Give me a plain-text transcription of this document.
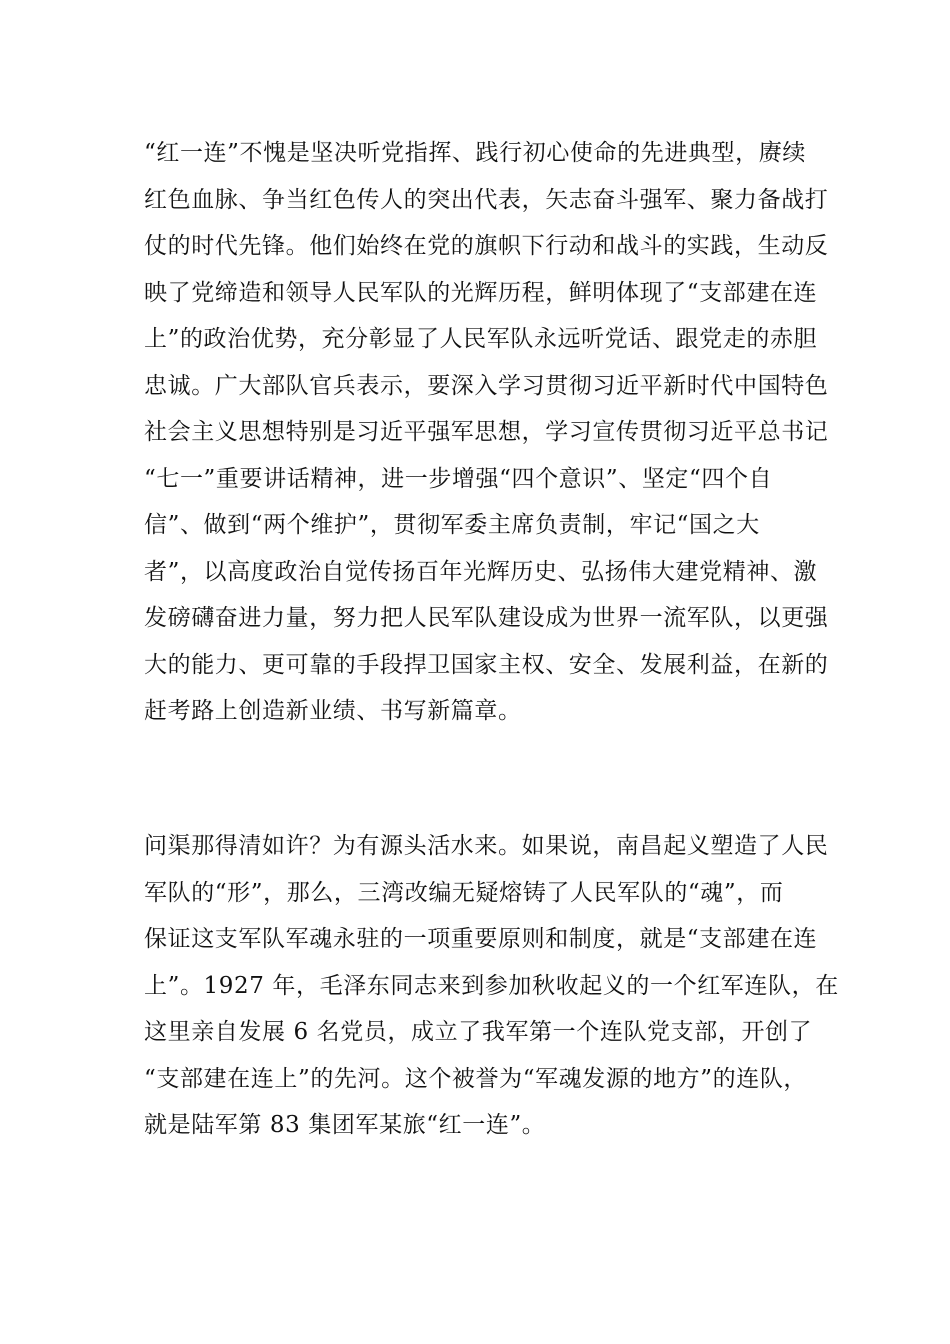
“红一连”不愧是坚决听党指挥、践行初心使命的先进典型，赓续
红色血脉、争当红色传人的突出代表，矢志奋斗强军、聚力备战打
仗的时代先锋。他们始终在党的旗帜下行动和战斗的实践，生动反
映了党缔造和领导人民军队的光辉历程，鲜明体现了“支部建在连
上”的政治优势，充分彰显了人民军队永远听党话、跟党走的赤胆
忠诚。广大部队官兵表示，要深入学习贯彻习近平新时代中国特色
社会主义思想特别是习近平强军思想，学习宣传贯彻习近平总书记
“七一”重要讲话精神，进一步增强“四个意识”、坚定“四个自
信”、做到“两个维护”，贯彻军委主席负责制，牢记“国之大
者”，以高度政治自觉传扬百年光辉历史、弘扬伟大建党精神、激
发磅礴奋进力量，努力把人民军队建设成为世界一流军队，以更强
大的能力、更可靠的手段捍卫国家主权、安全、发展利益，在新的
赶考路上创造新业绩、书写新篇章。
问渠那得清如许？为有源头活水来。如果说，南昌起义塑造了人民
军队的“形”，那么，三湾改编无疑熔铸了人民军队的“魂”，而
保证这支军队军魂永驻的一项重要原则和制度，就是“支部建在连
上”。1927 年，毛泽东同志来到参加秋收起义的一个红军连队，在
这里亲自发展 6 名党员，成立了我军第一个连队党支部，开创了
“支部建在连上”的先河。这个被誉为“军魂发源的地方”的连队，
就是陆军第 83 集团军某旅“红一连”。
